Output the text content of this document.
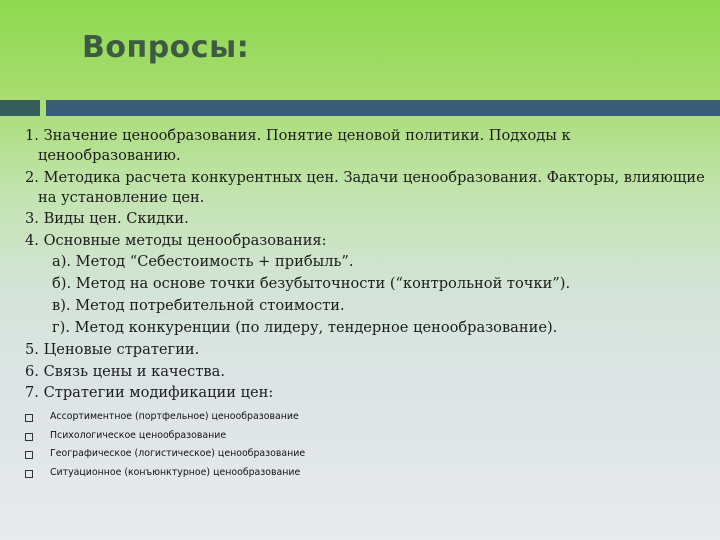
Вопросы:
1. Значение ценообразования. Понятие ценовой политики. Подходы к ценообразованию.
2. Методика расчета конкурентных цен. Задачи ценообразования. Факторы, влияющие на установление цен.
3. Виды цен. Скидки.
4. Основные методы ценообразования:
а). Метод “Себестоимость + прибыль”.
б). Метод на основе точки безубыточности (“контрольной точки”).
в). Метод потребительной стоимости.
г). Метод конкуренции (по лидеру, тендерное ценообразование).
5. Ценовые стратегии.
6. Связь цены и качества.
7. Стратегии модификации цен:
Ассортиментное (портфельное) ценообразование
Психологическое ценообразование
Географическое (логистическое) ценообразование
Ситуационное (конъюнктурное) ценообразование
